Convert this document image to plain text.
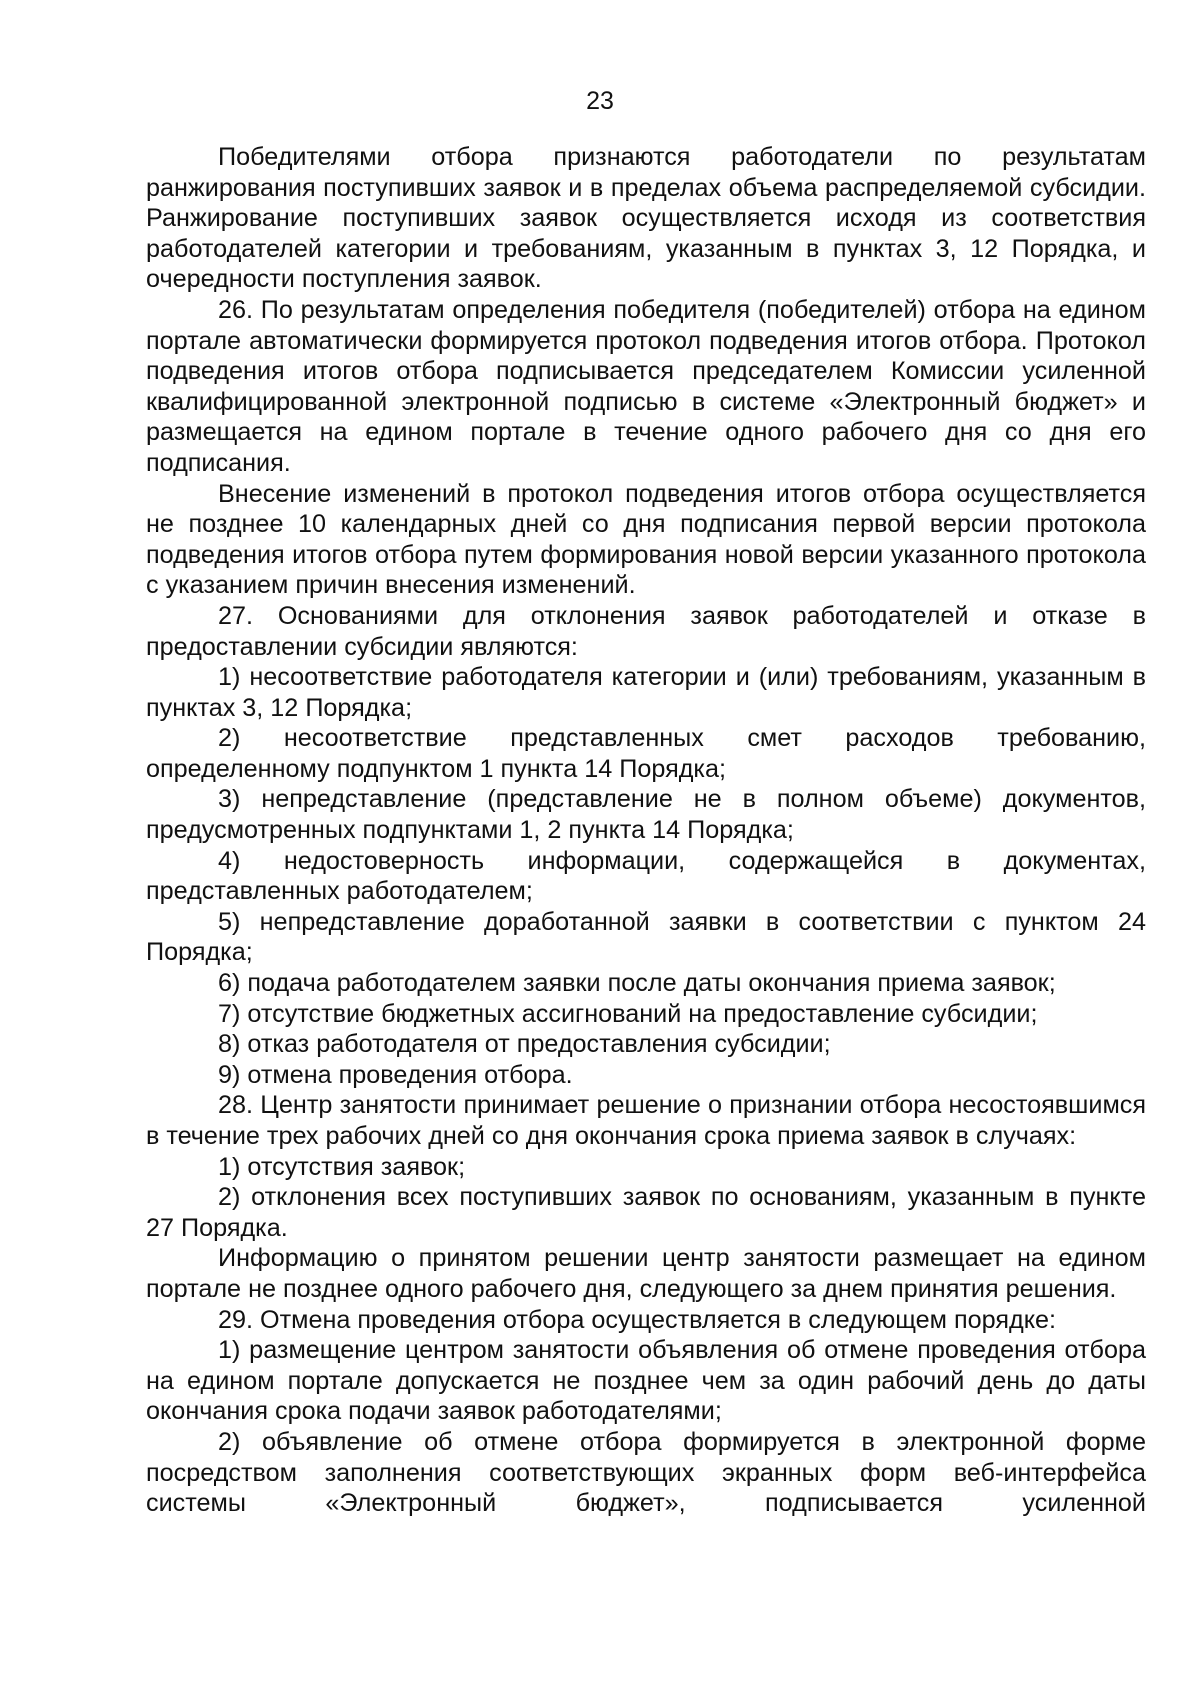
23

Победителями отбора признаются работодатели по результатам ранжирования поступивших заявок и в пределах объема распределяемой субсидии. Ранжирование поступивших заявок осуществляется исходя из соответствия работодателей категории и требованиям, указанным в пунктах 3, 12 Порядка, и очередности поступления заявок.

26. По результатам определения победителя (победителей) отбора на едином портале автоматически формируется протокол подведения итогов отбора. Протокол подведения итогов отбора подписывается председателем Комиссии усиленной квалифицированной электронной подписью в системе «Электронный бюджет» и размещается на едином портале в течение одного рабочего дня со дня его подписания.

Внесение изменений в протокол подведения итогов отбора осуществляется не позднее 10 календарных дней со дня подписания первой версии протокола подведения итогов отбора путем формирования новой версии указанного протокола с указанием причин внесения изменений.

27. Основаниями для отклонения заявок работодателей и отказе в предоставлении субсидии являются:

1) несоответствие работодателя категории и (или) требованиям, указанным в пунктах 3, 12 Порядка;

2) несоответствие представленных смет расходов требованию, определенному подпунктом 1 пункта 14 Порядка;

3) непредставление (представление не в полном объеме) документов, предусмотренных подпунктами 1, 2 пункта 14 Порядка;

4) недостоверность информации, содержащейся в документах, представленных работодателем;

5) непредставление доработанной заявки в соответствии с пунктом 24 Порядка;

6) подача работодателем заявки после даты окончания приема заявок;

7) отсутствие бюджетных ассигнований на предоставление субсидии;

8) отказ работодателя от предоставления субсидии;

9) отмена проведения отбора.

28. Центр занятости принимает решение о признании отбора несостоявшимся в течение трех рабочих дней со дня окончания срока приема заявок в случаях:

1) отсутствия заявок;

2) отклонения всех поступивших заявок по основаниям, указанным в пункте 27 Порядка.

Информацию о принятом решении центр занятости размещает на едином портале не позднее одного рабочего дня, следующего за днем принятия решения.

29. Отмена проведения отбора осуществляется в следующем порядке:

1) размещение центром занятости объявления об отмене проведения отбора на едином портале допускается не позднее чем за один рабочий день до даты окончания срока подачи заявок работодателями;

2) объявление об отмене отбора формируется в электронной форме посредством заполнения соответствующих экранных форм веб-интерфейса системы «Электронный бюджет», подписывается усиленной
